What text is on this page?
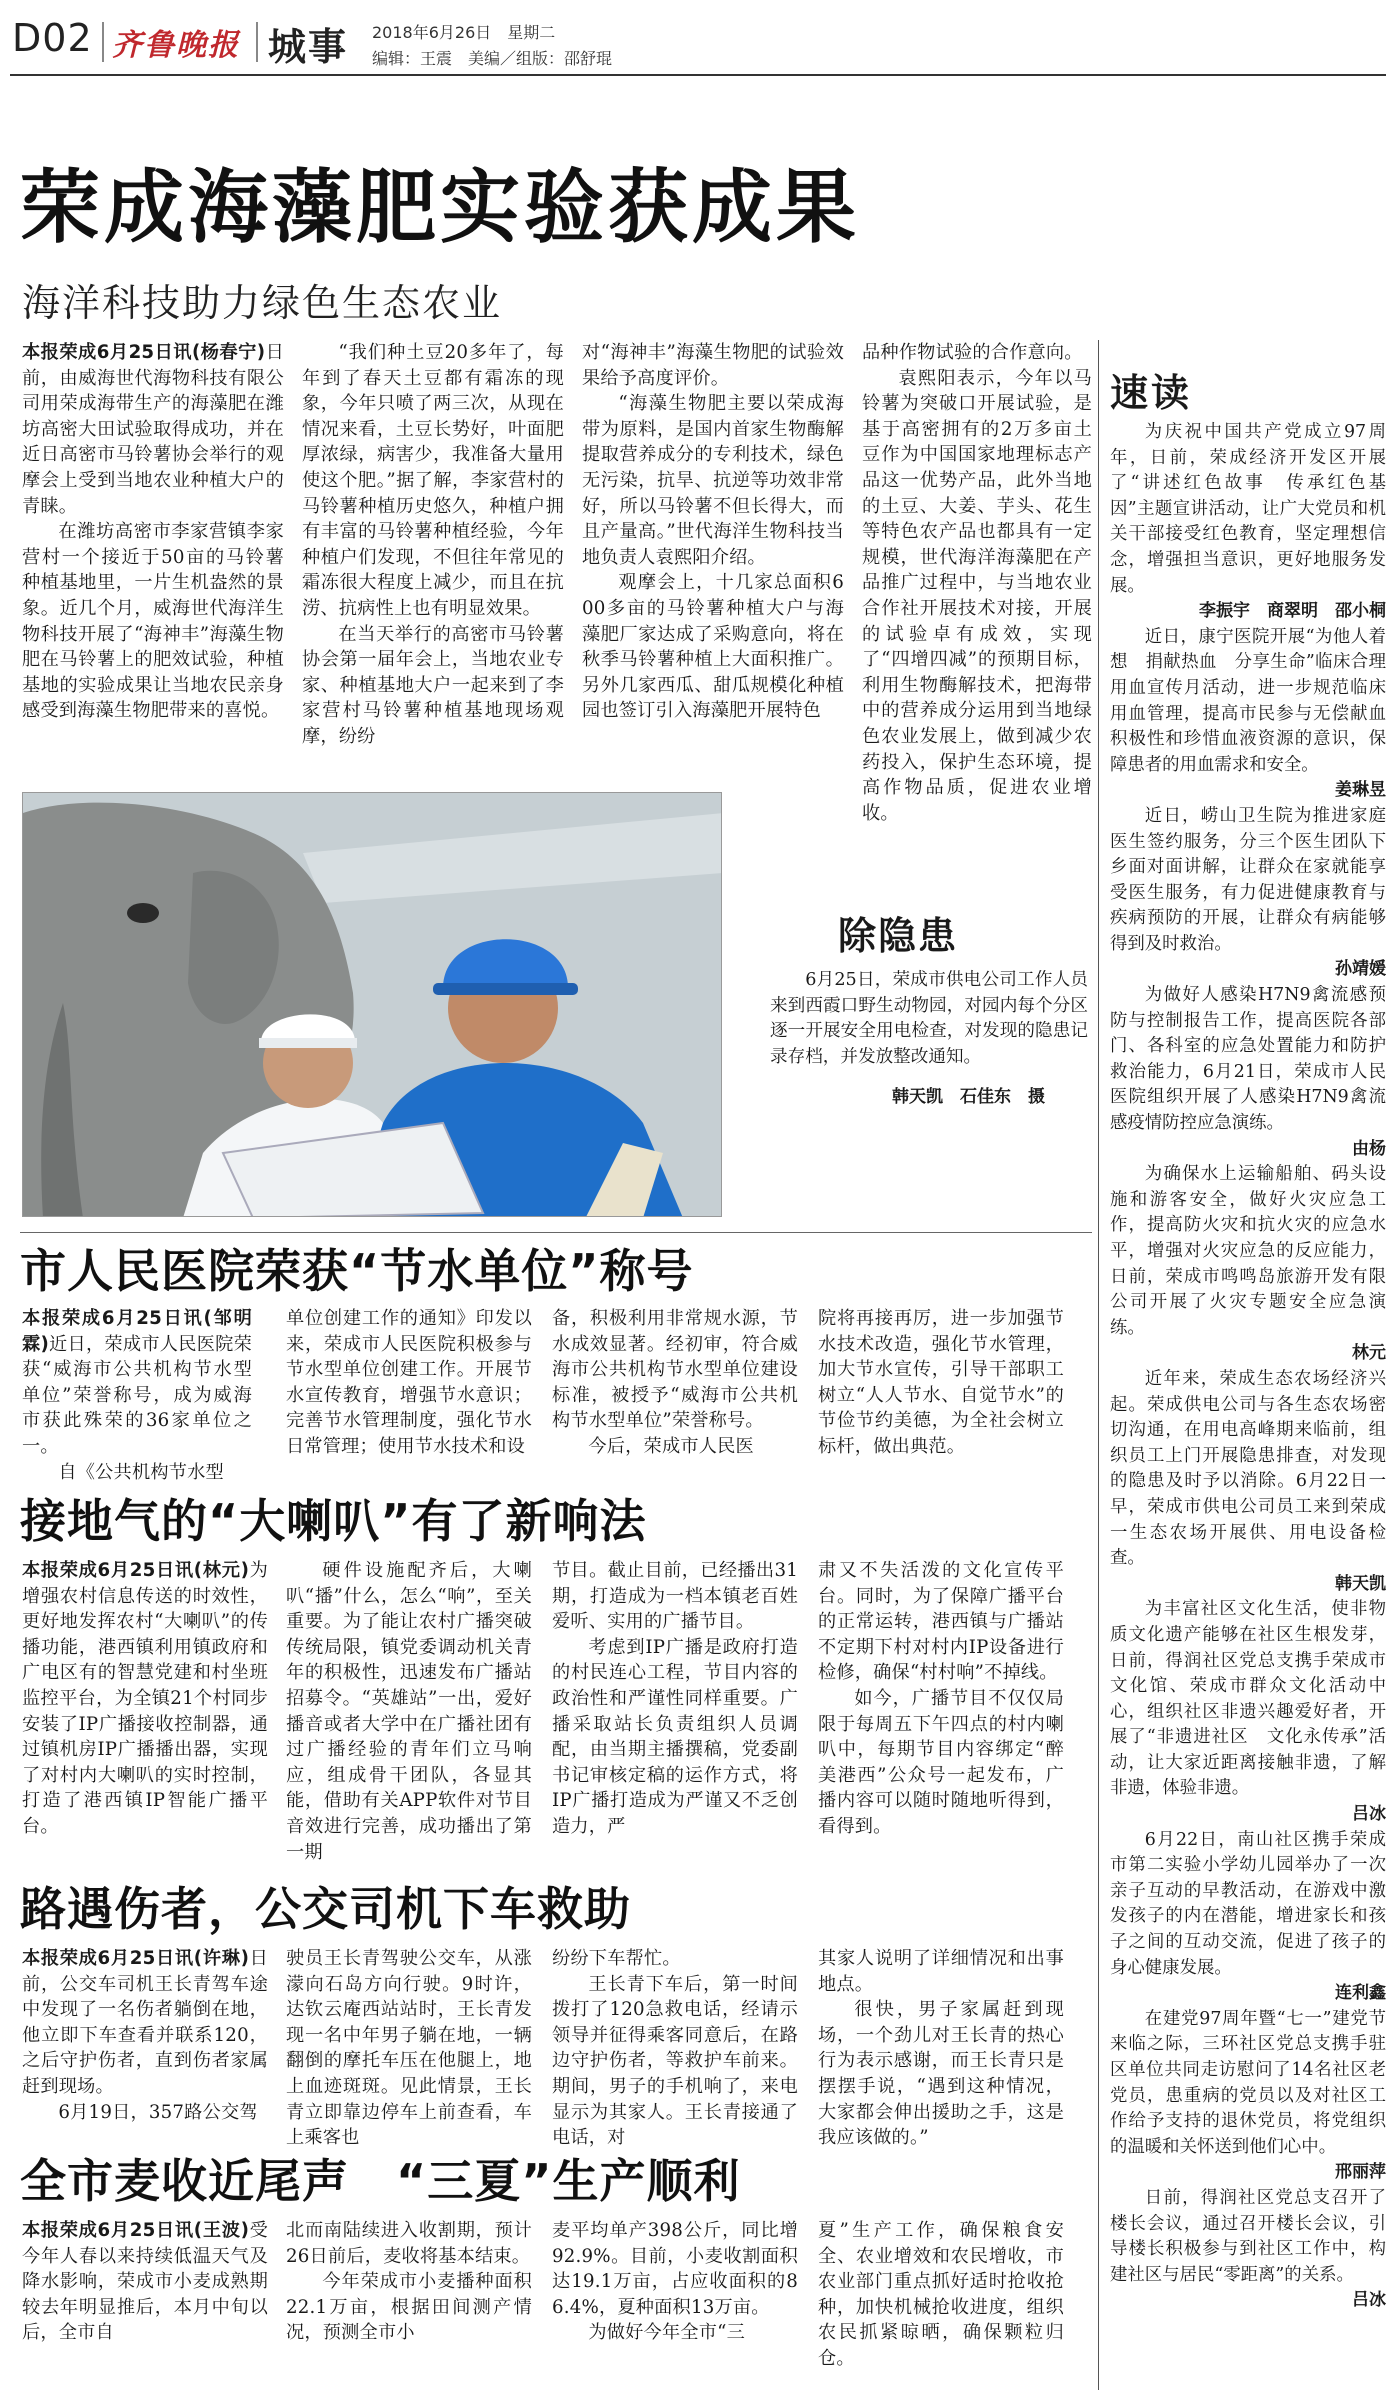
D02 齐鲁晚报 城事 2018年6月26日　星期二
编辑：王震　美编／组版：邵舒琨
荣成海藻肥实验获成果
海洋科技助力绿色生态农业

本报荣成6月25日讯(杨春宁)日前，由威海世代海物科技有限公司用荣成海带生产的海藻肥在潍坊高密大田试验取得成功，并在近日高密市马铃薯协会举行的观摩会上受到当地农业种植大户的青睐。

在潍坊高密市李家营镇李家营村一个接近于50亩的马铃薯种植基地里，一片生机盎然的景象。近几个月，威海世代海洋生物科技开展了“海神丰”海藻生物肥在马铃薯上的肥效试验，种植基地的实验成果让当地农民亲身感受到海藻生物肥带来的喜悦。

“我们种土豆20多年了，每年到了春天土豆都有霜冻的现象，今年只喷了两三次，从现在情况来看，土豆长势好，叶面肥厚浓绿，病害少，我准备大量用使这个肥。”据了解，李家营村的马铃薯种植历史悠久，种植户拥有丰富的马铃薯种植经验，今年种植户们发现，不但往年常见的霜冻很大程度上减少，而且在抗涝、抗病性上也有明显效果。

在当天举行的高密市马铃薯协会第一届年会上，当地农业专家、种植基地大户一起来到了李家营村马铃薯种植基地现场观摩，纷纷

对“海神丰”海藻生物肥的试验效果给予高度评价。

“海藻生物肥主要以荣成海带为原料，是国内首家生物酶解提取营养成分的专利技术，绿色无污染，抗旱、抗逆等功效非常好，所以马铃薯不但长得大，而且产量高。”世代海洋生物科技当地负责人袁熙阳介绍。

观摩会上，十几家总面积600多亩的马铃薯种植大户与海藻肥厂家达成了采购意向，将在秋季马铃薯种植上大面积推广。另外几家西瓜、甜瓜规模化种植园也签订引入海藻肥开展特色

品种作物试验的合作意向。

袁熙阳表示，今年以马铃薯为突破口开展试验，是基于高密拥有的2万多亩土豆作为中国国家地理标志产品这一优势产品，此外当地的土豆、大姜、芋头、花生等特色农产品也都具有一定规模，世代海洋海藻肥在产品推广过程中，与当地农业合作社开展技术对接，开展的试验卓有成效，实现了“四增四减”的预期目标，利用生物酶解技术，把海带中的营养成分运用到当地绿色农业发展上，做到减少农药投入，保护生态环境，提高作物品质，促进农业增收。

除隐患
6月25日，荣成市供电公司工作人员来到西霞口野生动物园，对园内每个分区逐一开展安全用电检查，对发现的隐患记录存档，并发放整改通知。
韩天凯　石佳东　摄
市人民医院荣获“节水单位”称号

本报荣成6月25日讯(邹明霖)近日，荣成市人民医院荣获“威海市公共机构节水型单位”荣誉称号，成为威海市获此殊荣的36家单位之一。

自《公共机构节水型

单位创建工作的通知》印发以来，荣成市人民医院积极参与节水型单位创建工作。开展节水宣传教育，增强节水意识；完善节水管理制度，强化节水日常管理；使用节水技术和设

备，积极利用非常规水源，节水成效显著。经初审，符合威海市公共机构节水型单位建设标准，被授予“威海市公共机构节水型单位”荣誉称号。

今后，荣成市人民医

院将再接再厉，进一步加强节水技术改造，强化节水管理，加大节水宣传，引导干部职工树立“人人节水、自觉节水”的节俭节约美德，为全社会树立标杆，做出典范。

接地气的“大喇叭”有了新响法

本报荣成6月25日讯(林元)为增强农村信息传送的时效性，更好地发挥农村“大喇叭”的传播功能，港西镇利用镇政府和广电区有的智慧党建和村坐班监控平台，为全镇21个村同步安装了IP广播接收控制器，通过镇机房IP广播播出器，实现了对村内大喇叭的实时控制，打造了港西镇IP智能广播平台。

硬件设施配齐后，大喇叭“播”什么，怎么“响”，至关重要。为了能让农村广播突破传统局限，镇党委调动机关青年的积极性，迅速发布广播站招募令。“英雄站”一出，爱好播音或者大学中在广播社团有过广播经验的青年们立马响应，组成骨干团队，各显其能，借助有关APP软件对节目音效进行完善，成功播出了第一期

节目。截止目前，已经播出31期，打造成为一档本镇老百姓爱听、实用的广播节目。

考虑到IP广播是政府打造的村民连心工程，节目内容的政治性和严谨性同样重要。广播采取站长负责组织人员调配，由当期主播撰稿，党委副书记审核定稿的运作方式，将IP广播打造成为严谨又不乏创造力，严

肃又不失活泼的文化宣传平台。同时，为了保障广播平台的正常运转，港西镇与广播站不定期下村对村内IP设备进行检修，确保“村村响”不掉线。

如今，广播节目不仅仅局限于每周五下午四点的村内喇叭中，每期节目内容绑定“醉美港西”公众号一起发布，广播内容可以随时随地听得到，看得到。

路遇伤者，公交司机下车救助

本报荣成6月25日讯(许琳)日前，公交车司机王长青驾车途中发现了一名伤者躺倒在地，他立即下车查看并联系120，之后守护伤者，直到伤者家属赶到现场。

6月19日，357路公交驾

驶员王长青驾驶公交车，从涨濛向石岛方向行驶。9时许，达钦云庵西站站时，王长青发现一名中年男子躺在地，一辆翻倒的摩托车压在他腿上，地上血迹斑斑。见此情景，王长青立即靠边停车上前查看，车上乘客也

纷纷下车帮忙。

王长青下车后，第一时间拨打了120急救电话，经请示领导并征得乘客同意后，在路边守护伤者，等救护车前来。期间，男子的手机响了，来电显示为其家人。王长青接通了电话，对

其家人说明了详细情况和出事地点。

很快，男子家属赶到现场，一个劲儿对王长青的热心行为表示感谢，而王长青只是摆摆手说，“遇到这种情况，大家都会伸出援助之手，这是我应该做的。”

全市麦收近尾声　“三夏”生产顺利

本报荣成6月25日讯(王波)受今年人春以来持续低温天气及降水影响，荣成市小麦成熟期较去年明显推后，本月中旬以后，全市自

北而南陆续进入收割期，预计26日前后，麦收将基本结束。

今年荣成市小麦播种面积22.1万亩，根据田间测产情况，预测全市小

麦平均单产398公斤，同比增92.9%。目前，小麦收割面积达19.1万亩，占应收面积的86.4%，夏种面积13万亩。

为做好今年全市“三

夏”生产工作，确保粮食安全、农业增效和农民增收，市农业部门重点抓好适时抢收抢种，加快机械抢收进度，组织农民抓紧晾晒，确保颗粒归仓。

速读

为庆祝中国共产党成立97周年，日前，荣成经济开发区开展了“讲述红色故事　传承红色基因”主题宣讲活动，让广大党员和机关干部接受红色教育，坚定理想信念，增强担当意识，更好地服务发展。

李振宇　商翠明　邵小桐

近日，康宁医院开展“为他人着想　捐献热血　分享生命”临床合理用血宣传月活动，进一步规范临床用血管理，提高市民参与无偿献血积极性和珍惜血液资源的意识，保障患者的用血需求和安全。

姜琳昱

近日，崂山卫生院为推进家庭医生签约服务，分三个医生团队下乡面对面讲解，让群众在家就能享受医生服务，有力促进健康教育与疾病预防的开展，让群众有病能够得到及时救治。

孙靖媛

为做好人感染H7N9禽流感预防与控制报告工作，提高医院各部门、各科室的应急处置能力和防护救治能力，6月21日，荣成市人民医院组织开展了人感染H7N9禽流感疫情防控应急演练。

由杨

为确保水上运输船舶、码头设施和游客安全，做好火灾应急工作，提高防火灾和抗火灾的应急水平，增强对火灾应急的反应能力，日前，荣成市鸣鸣岛旅游开发有限公司开展了火灾专题安全应急演练。

林元

近年来，荣成生态农场经济兴起。荣成供电公司与各生态农场密切沟通，在用电高峰期来临前，组织员工上门开展隐患排查，对发现的隐患及时予以消除。6月22日一早，荣成市供电公司员工来到荣成一生态农场开展供、用电设备检查。

韩天凯

为丰富社区文化生活，使非物质文化遗产能够在社区生根发芽，日前，得润社区党总支携手荣成市文化馆、荣成市群众文化活动中心，组织社区非遗兴趣爱好者，开展了“非遗进社区　文化永传承”活动，让大家近距离接触非遗，了解非遗，体验非遗。

吕冰

6月22日，南山社区携手荣成市第二实验小学幼儿园举办了一次亲子互动的早教活动，在游戏中激发孩子的内在潜能，增进家长和孩子之间的互动交流，促进了孩子的身心健康发展。

连利鑫

在建党97周年暨“七一”建党节来临之际，三环社区党总支携手驻区单位共同走访慰问了14名社区老党员，患重病的党员以及对社区工作给予支持的退休党员，将党组织的温暖和关怀送到他们心中。

邢丽萍

日前，得润社区党总支召开了楼长会议，通过召开楼长会议，引导楼长积极参与到社区工作中，构建社区与居民“零距离”的关系。

吕冰
